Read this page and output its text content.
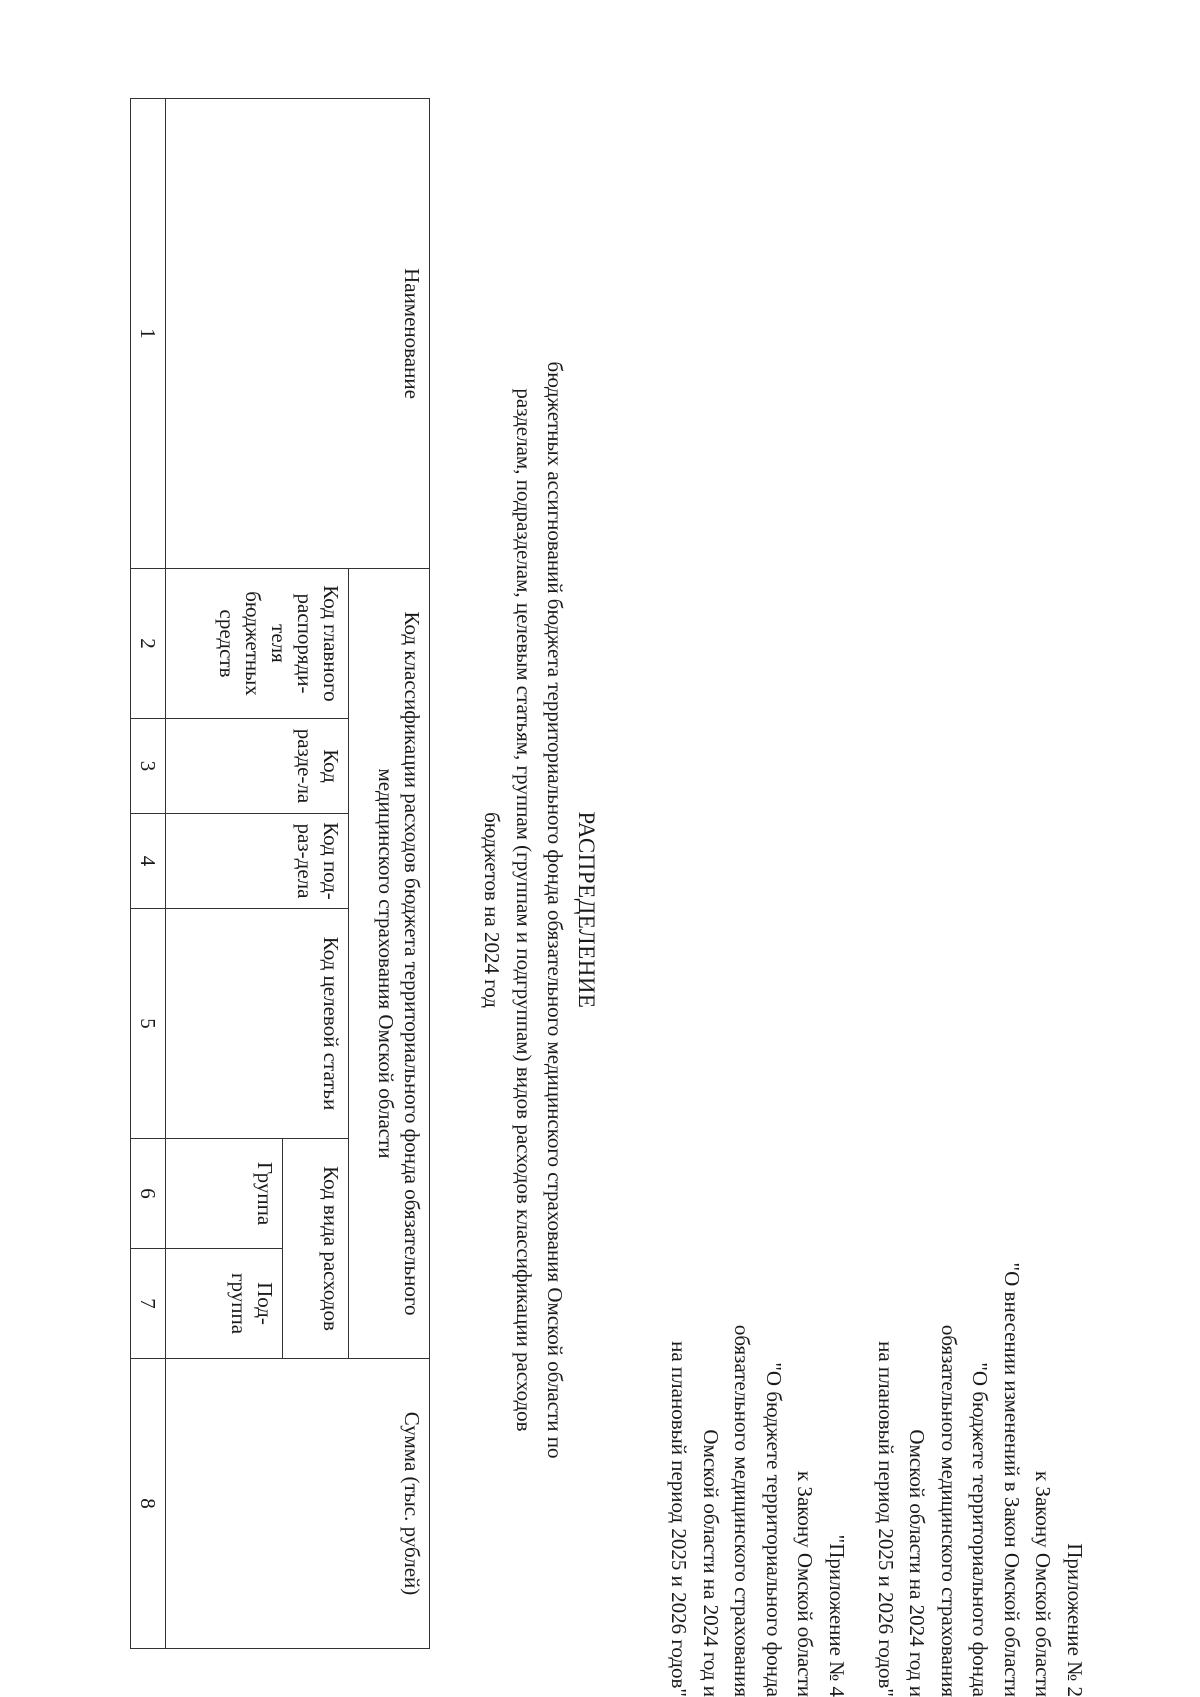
Приложение № 2
к Закону Омской области
"О внесении изменений в Закон Омской области
"О бюджете территориального фонда
обязательного медицинского страхования
Омской области на 2024 год и
на плановый период 2025 и 2026 годов"
"Приложение № 4
к Закону Омской области
"О бюджете территориального фонда
обязательного медицинского страхования
Омской области на 2024 год и
на плановый период 2025 и 2026 годов"
РАСПРЕДЕЛЕНИЕ
бюджетных ассигнований бюджета территориального фонда обязательного медицинского страхования Омской области по
разделам, подразделам, целевым статьям, группам (группам и подгруппам) видов расходов классификации расходов
бюджетов на 2024 год
Наименование	Код классификации расходов бюджета территориального фонда обязательного медицинского страхования Омской области						Сумма (тыс. рублей)
	Код главного распоряди-теля бюджетных средств	Код разде-ла	Код под-раз-дела	Код целевой статьи	Код вида расходов		
					Группа	Под-группа	
1	2	3	4	5	6	7	8
